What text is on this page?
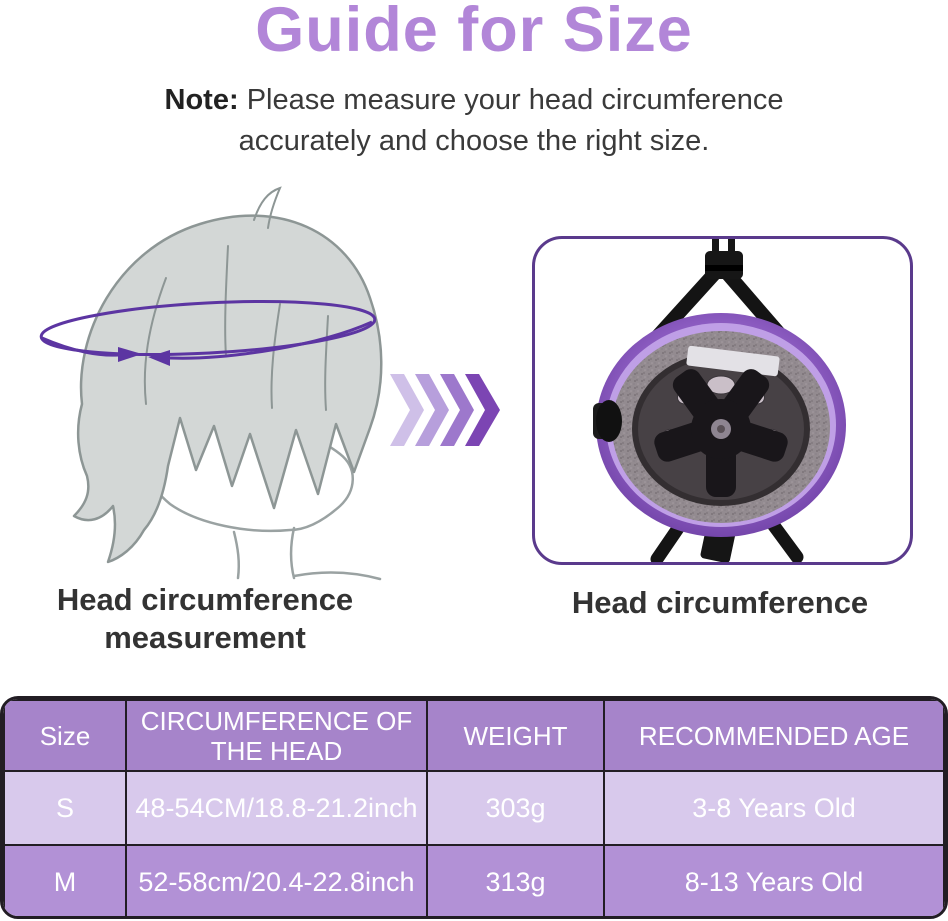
Guide for Size

Note: Please measure your head circumference
accurately and choose the right size.

Head circumference
measurement
Head circumference
Size	CIRCUMFERENCE OF THE HEAD	WEIGHT	RECOMMENDED AGE
S	48-54CM/18.8-21.2inch	303g	3-8 Years Old
M	52-58cm/20.4-22.8inch	313g	8-13 Years Old
